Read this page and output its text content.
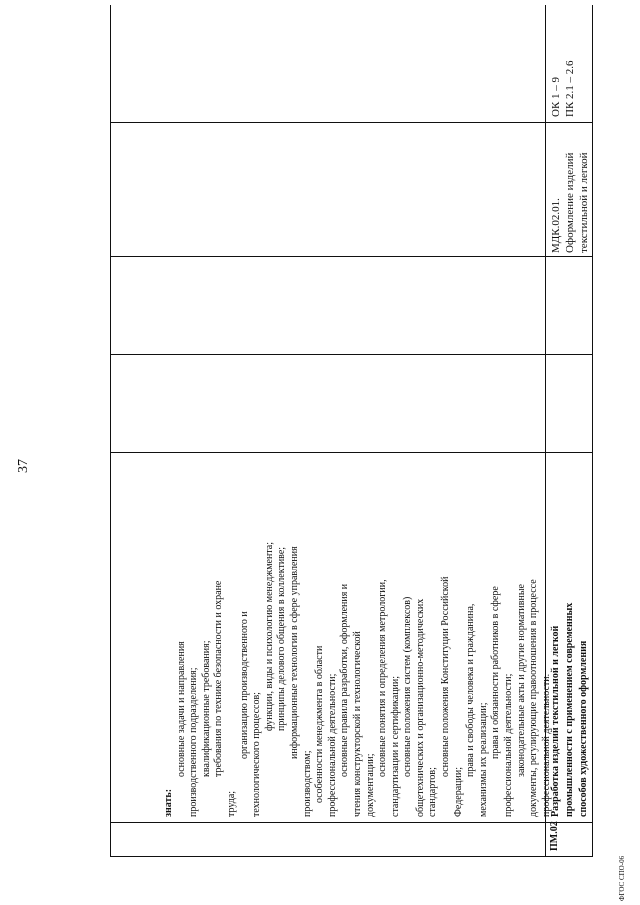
37
знать:
основные задачи и направления производственного подразделения; квалификационные требования; требования по технике безопасности и охране
труда;
организацию производственного и технологического процессов;
функции, виды и психологию менеджмента; принципы делового общения в коллективе; информационные технологии в сфере управления
производством; особенности менеджмента в области профессиональной деятельности; основные правила разработки, оформления и чтения конструкторской и технологической документации;
основные понятия и определения метрологии, стандартизации и сертификации; основные положения систем (комплексов) общетехнических и организационно-методических стандартов;
основные положения Конституции Российской
Федерации;
права и свободы человека и гражданина, механизмы их реализации;
права и обязанности работников в сфере профессиональной деятельности; законодательные акты и другие нормативные документы, регулирующие правоотношения в процессе профессиональной деятельности.
ПМ.02
Разработка изделий текстильной и легкой промышленности с применением современных способов художественного оформления
МДК.02.01. Оформление изделий текстильной и легкой
ОК 1 – 9 ПК 2.1 – 2.6
ФГОС СПО-06
